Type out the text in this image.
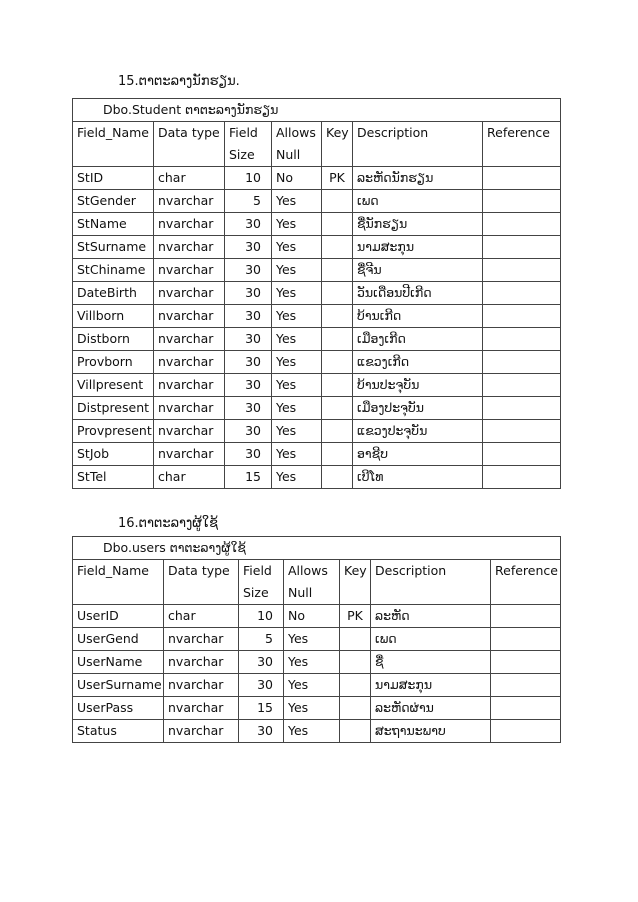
15.ຕາຕະລາງນັກຮຽນ.
Dbo.Student ຕາຕະລາງນັກຮຽນ						
Field_Name	Data type	Field Size	Allows Null	Key	Description	Reference
StID	char	10	No	PK	ລະຫັດນັກຮຽນ	
StGender	nvarchar	5	Yes		ເພດ	
StName	nvarchar	30	Yes		ຊື່ນັກຮຽນ	
StSurname	nvarchar	30	Yes		ນາມສະກຸນ	
StChiname	nvarchar	30	Yes		ຊື່ຈີນ	
DateBirth	nvarchar	30	Yes		ວັນເດືອນປີເກີດ	
Villborn	nvarchar	30	Yes		ບ້ານເກີດ	
Distborn	nvarchar	30	Yes		ເມືອງເກີດ	
Provborn	nvarchar	30	Yes		ແຂວງເກີດ	
Villpresent	nvarchar	30	Yes		ບ້ານປະຈຸບັນ	
Distpresent	nvarchar	30	Yes		ເມືອງປະຈຸບັນ	
Provpresent	nvarchar	30	Yes		ແຂວງປະຈຸບັນ	
StJob	nvarchar	30	Yes		ອາຊີບ	
StTel	char	15	Yes		ເບີໂທ	
16.ຕາຕະລາງຜູ້ໃຊ້
Dbo.users ຕາຕະລາງຜູ້ໃຊ້						
Field_Name	Data type	Field Size	Allows Null	Key	Description	Reference
UserID	char	10	No	PK	ລະຫັດ	
UserGend	nvarchar	5	Yes		ເພດ	
UserName	nvarchar	30	Yes		ຊື່	
UserSurname	nvarchar	30	Yes		ນາມສະກຸນ	
UserPass	nvarchar	15	Yes		ລະຫັດຜ່ານ	
Status	nvarchar	30	Yes		ສະຖານະພາບ	
